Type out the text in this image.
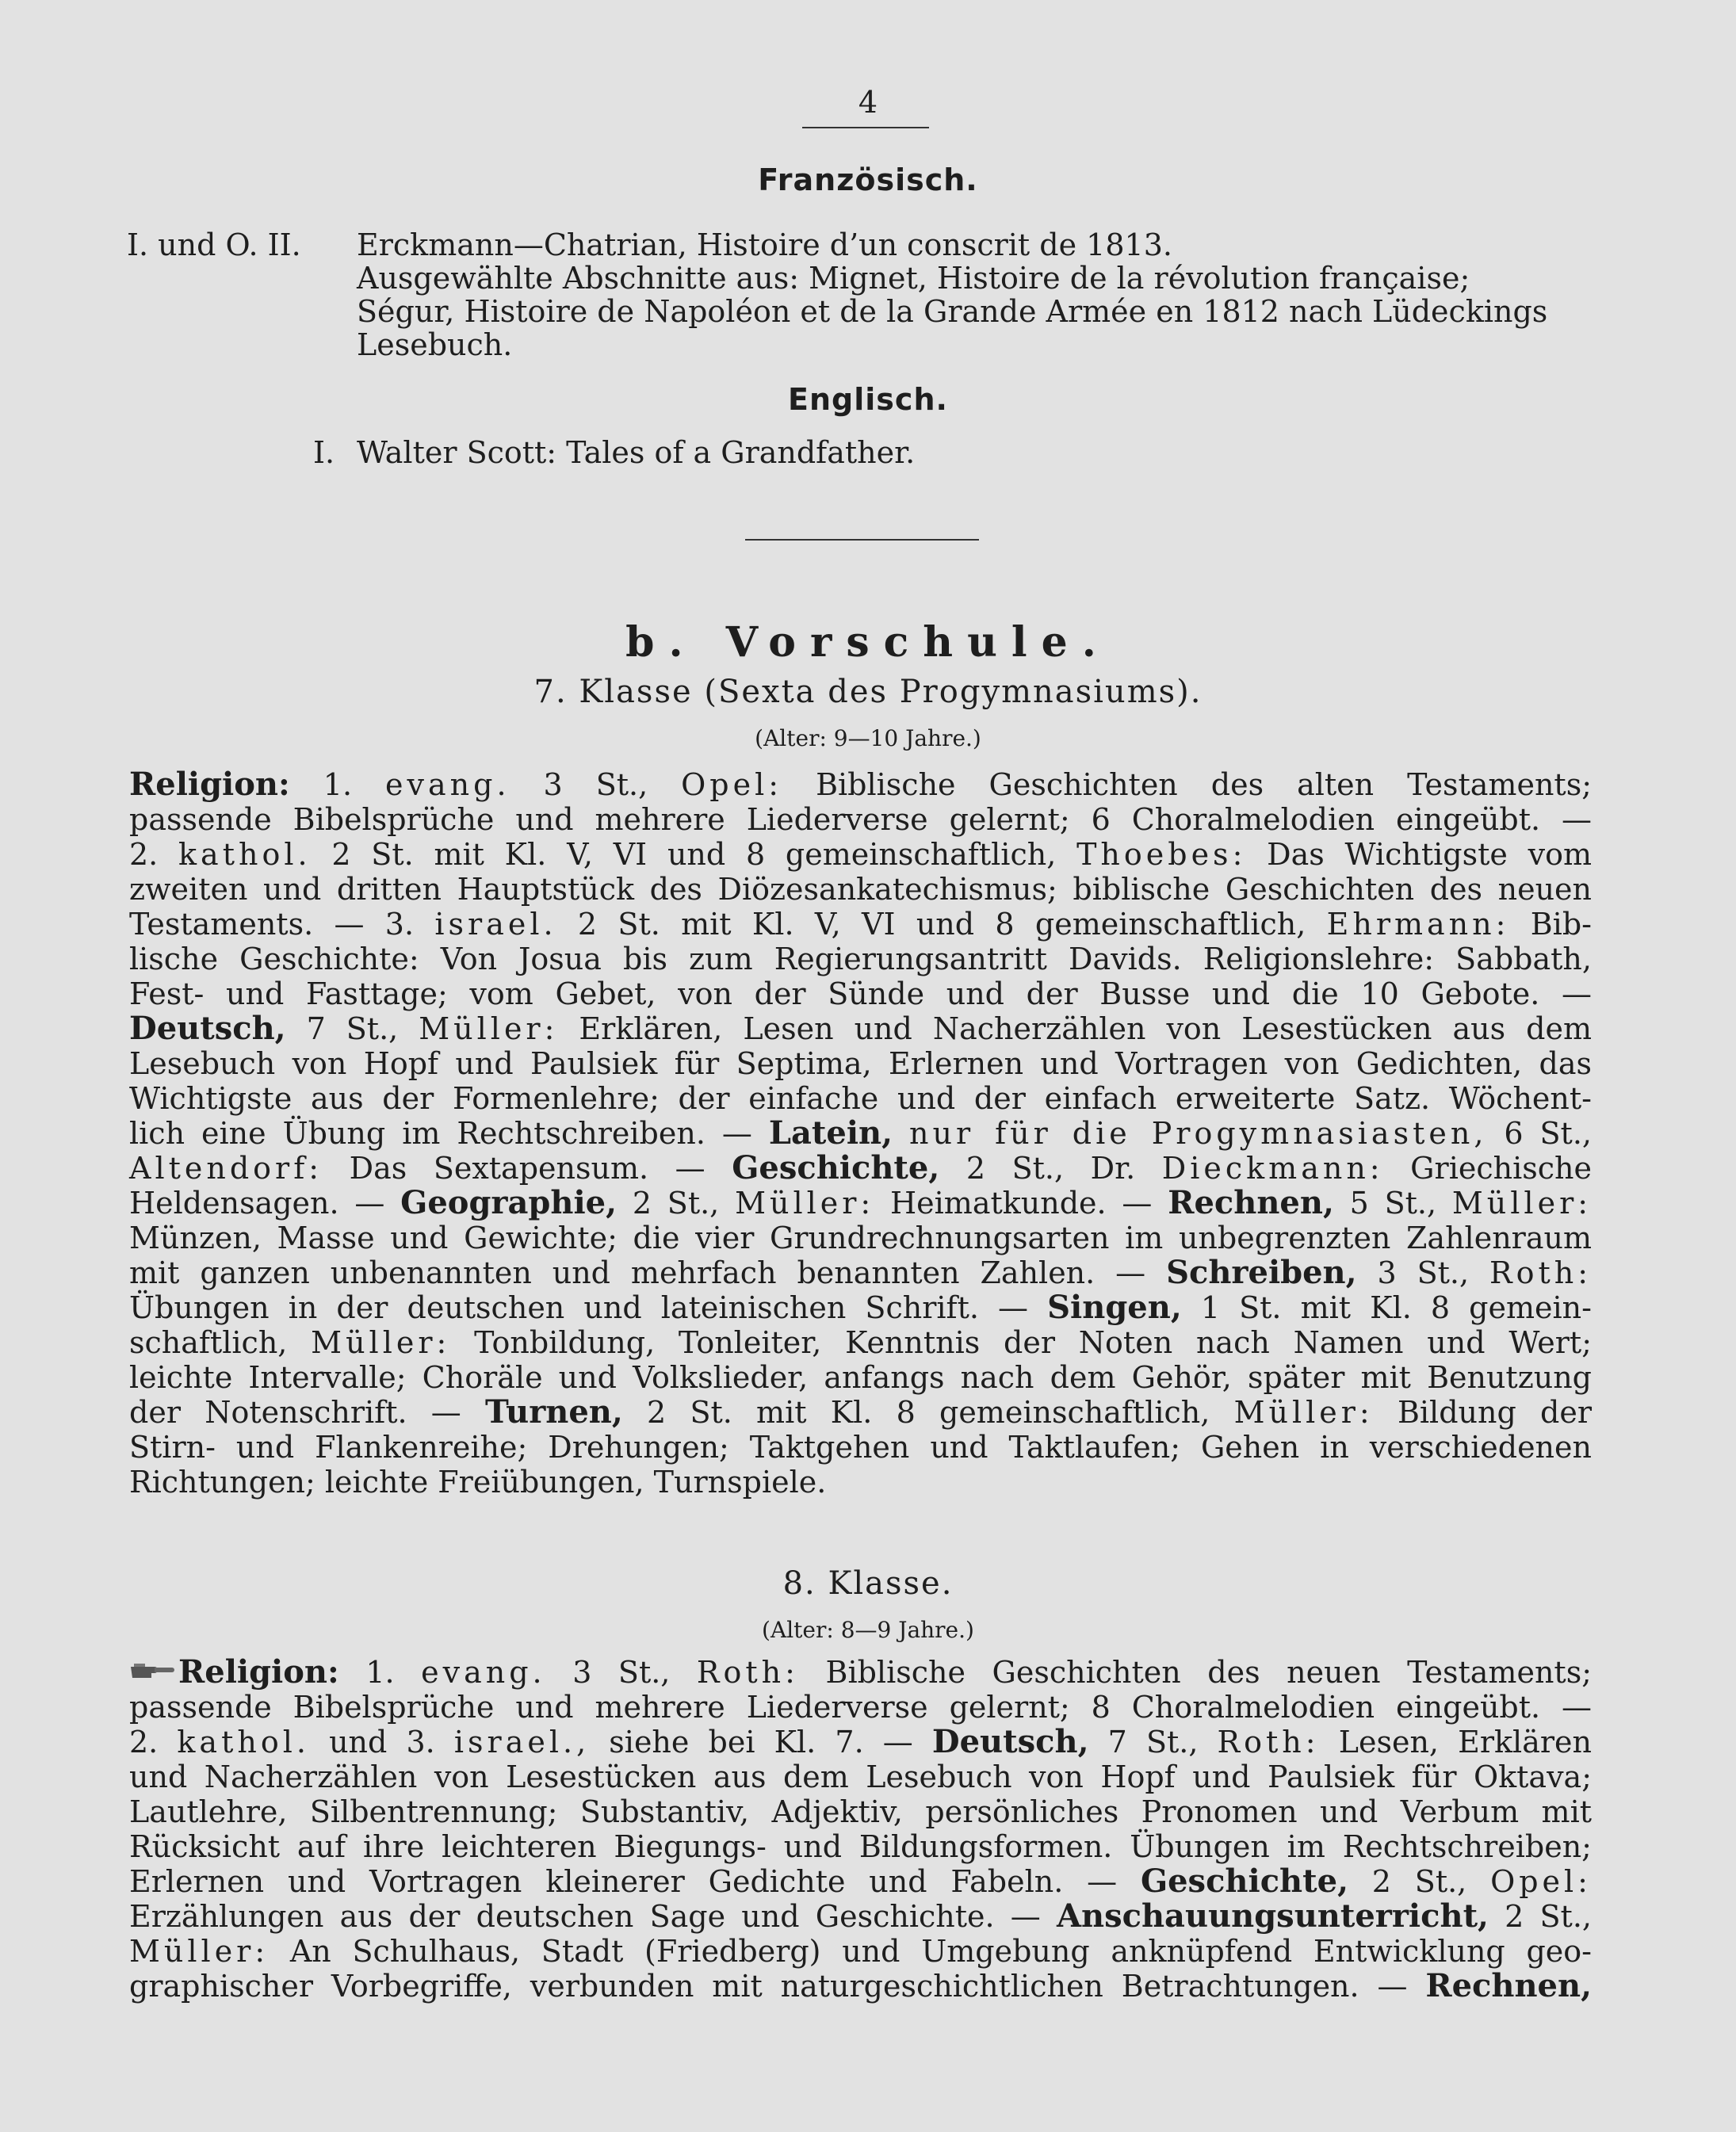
4
Französisch.
I. und O. II. Erckmann—Chatrian, Histoire d’un conscrit de 1813.
Ausgewählte Abschnitte aus: Mignet, Histoire de la révolution française;
Ségur, Histoire de Napoléon et de la Grande Armée en 1812 nach Lüdeckings
Lesebuch.
Englisch.
I. Walter Scott: Tales of a Grandfather.
b. Vorschule.
7. Klasse (Sexta des Progymnasiums).
(Alter: 9—10 Jahre.)
Religion: 1. evang. 3 St., Opel: Biblische Geschichten des alten Testaments;
passende Bibelsprüche und mehrere Liederverse gelernt; 6 Choralmelodien eingeübt. —
2. kathol. 2 St. mit Kl. V, VI und 8 gemeinschaftlich, Thoebes: Das Wichtigste vom
zweiten und dritten Hauptstück des Diözesankatechismus; biblische Geschichten des neuen
Testaments. — 3. israel. 2 St. mit Kl. V, VI und 8 gemeinschaftlich, Ehrmann: Bib-
lische Geschichte: Von Josua bis zum Regierungsantritt Davids. Religionslehre: Sabbath,
Fest- und Fasttage; vom Gebet, von der Sünde und der Busse und die 10 Gebote. —
Deutsch, 7 St., Müller: Erklären, Lesen und Nacherzählen von Lesestücken aus dem
Lesebuch von Hopf und Paulsiek für Septima, Erlernen und Vortragen von Gedichten, das
Wichtigste aus der Formenlehre; der einfache und der einfach erweiterte Satz. Wöchent-
lich eine Übung im Rechtschreiben. — Latein, nur für die Progymnasiasten, 6 St.,
Altendorf: Das Sextapensum. — Geschichte, 2 St., Dr. Dieckmann: Griechische
Heldensagen. — Geographie, 2 St., Müller: Heimatkunde. — Rechnen, 5 St., Müller:
Münzen, Masse und Gewichte; die vier Grundrechnungsarten im unbegrenzten Zahlenraum
mit ganzen unbenannten und mehrfach benannten Zahlen. — Schreiben, 3 St., Roth:
Übungen in der deutschen und lateinischen Schrift. — Singen, 1 St. mit Kl. 8 gemein-
schaftlich, Müller: Tonbildung, Tonleiter, Kenntnis der Noten nach Namen und Wert;
leichte Intervalle; Choräle und Volkslieder, anfangs nach dem Gehör, später mit Benutzung
der Notenschrift. — Turnen, 2 St. mit Kl. 8 gemeinschaftlich, Müller: Bildung der
Stirn- und Flankenreihe; Drehungen; Taktgehen und Taktlaufen; Gehen in verschiedenen
Richtungen; leichte Freiübungen, Turnspiele.
8. Klasse.
(Alter: 8—9 Jahre.)
Religion: 1. evang. 3 St., Roth: Biblische Geschichten des neuen Testaments;
passende Bibelsprüche und mehrere Liederverse gelernt; 8 Choralmelodien eingeübt. —
2. kathol. und 3. israel., siehe bei Kl. 7. — Deutsch, 7 St., Roth: Lesen, Erklären
und Nacherzählen von Lesestücken aus dem Lesebuch von Hopf und Paulsiek für Oktava;
Lautlehre, Silbentrennung; Substantiv, Adjektiv, persönliches Pronomen und Verbum mit
Rücksicht auf ihre leichteren Biegungs- und Bildungsformen. Übungen im Rechtschreiben;
Erlernen und Vortragen kleinerer Gedichte und Fabeln. — Geschichte, 2 St., Opel:
Erzählungen aus der deutschen Sage und Geschichte. — Anschauungsunterricht, 2 St.,
Müller: An Schulhaus, Stadt (Friedberg) und Umgebung anknüpfend Entwicklung geo-
graphischer Vorbegriffe, verbunden mit naturgeschichtlichen Betrachtungen. — Rechnen,
